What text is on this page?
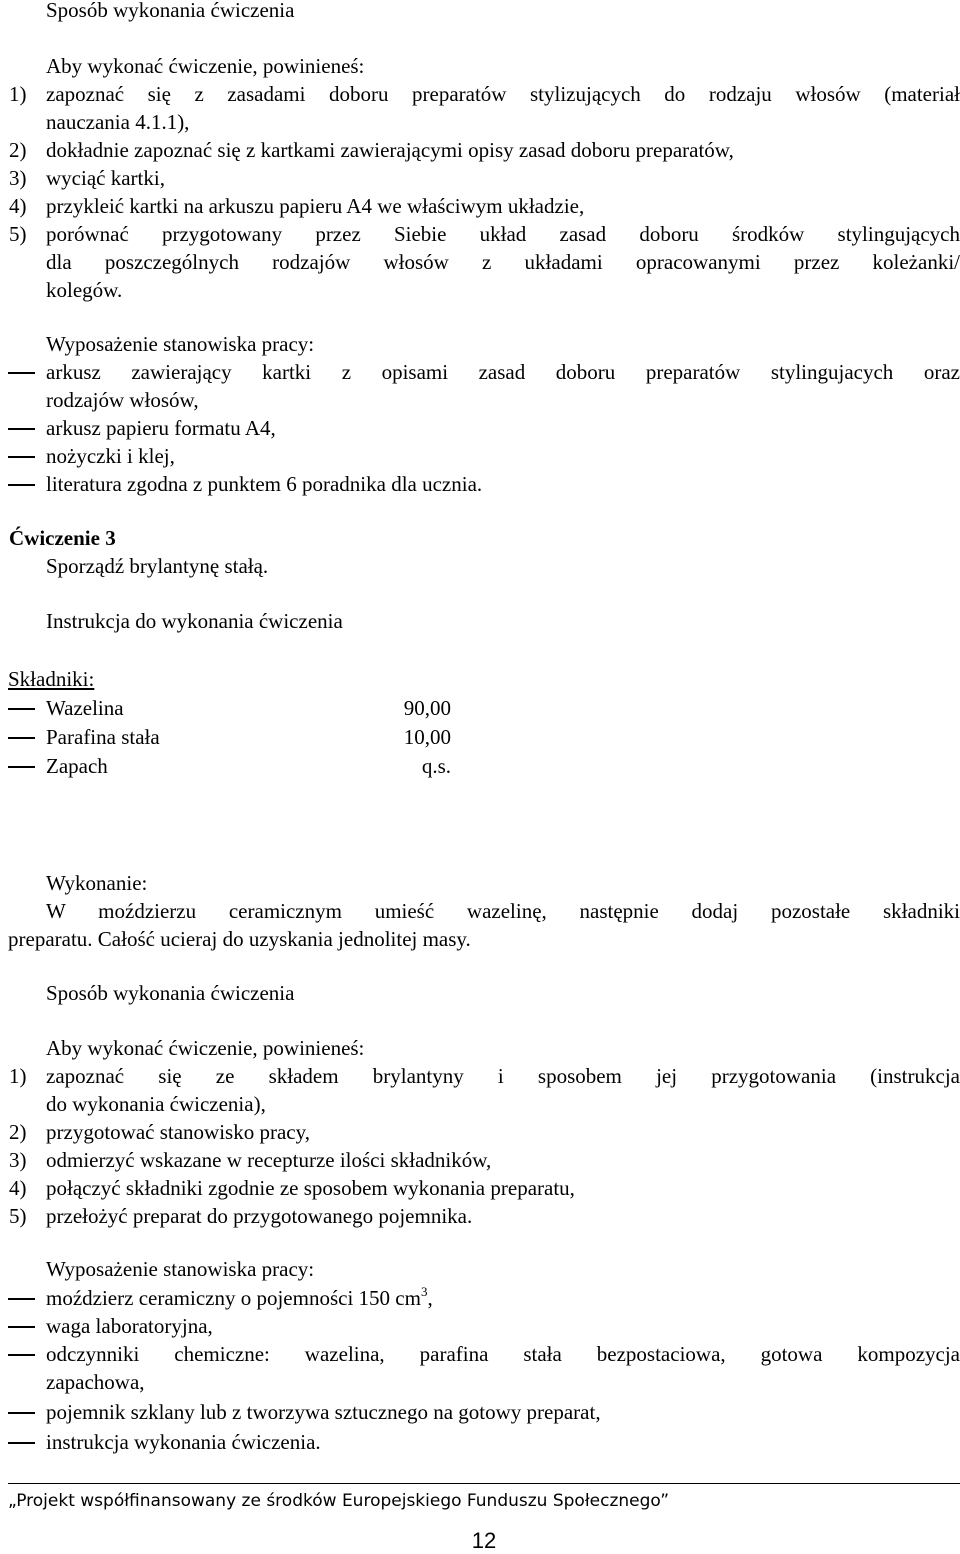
Sposób wykonania ćwiczenia
Aby wykonać ćwiczenie, powinieneś:
1) zapoznać się z zasadami doboru preparatów stylizujących do rodzaju włosów (materiał
nauczania 4.1.1),
2) dokładnie zapoznać się z kartkami zawierającymi opisy zasad doboru preparatów,
3) wyciąć kartki,
4) przykleić kartki na arkuszu papieru A4 we właściwym układzie,
5) porównać przygotowany przez Siebie układ zasad doboru środków stylingujących
dla poszczególnych rodzajów włosów z układami opracowanymi przez koleżanki/
kolegów.
Wyposażenie stanowiska pracy:
arkusz zawierający kartki z opisami zasad doboru preparatów stylingujacych oraz
rodzajów włosów,
arkusz papieru formatu A4,
nożyczki i klej,
literatura zgodna z punktem 6 poradnika dla ucznia.
Ćwiczenie 3
Sporządź brylantynę stałą.
Instrukcja do wykonania ćwiczenia
Składniki:
Wazelina	90,00
Parafina stała	10,00
Zapach	q.s.
Wykonanie:
W moździerzu ceramicznym umieść wazelinę, następnie dodaj pozostałe składniki
preparatu. Całość ucieraj do uzyskania jednolitej masy.
Sposób wykonania ćwiczenia
Aby wykonać ćwiczenie, powinieneś:
1) zapoznać się ze składem brylantyny i sposobem jej przygotowania (instrukcja
do wykonania ćwiczenia),
2) przygotować stanowisko pracy,
3) odmierzyć wskazane w recepturze ilości składników,
4) połączyć składniki zgodnie ze sposobem wykonania preparatu,
5) przełożyć preparat do przygotowanego pojemnika.
Wyposażenie stanowiska pracy:
moździerz ceramiczny o pojemności 150 $cm^3$,
waga laboratoryjna,
odczynniki chemiczne: wazelina, parafina stała bezpostaciowa, gotowa kompozycja
zapachowa,
pojemnik szklany lub z tworzywa sztucznego na gotowy preparat,
instrukcja wykonania ćwiczenia.
„Projekt współfinansowany ze środków Europejskiego Funduszu Społecznego”
12
